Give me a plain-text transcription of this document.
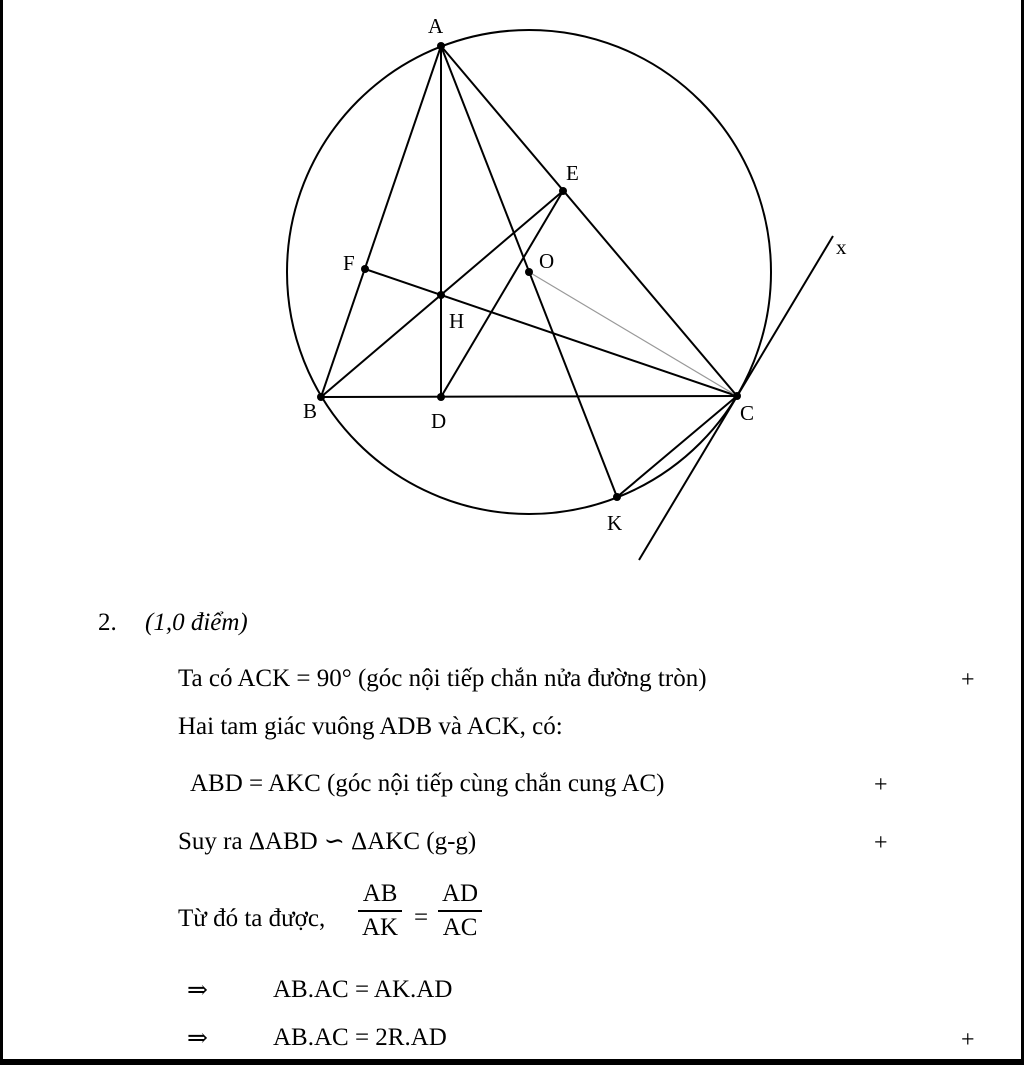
A
B	C
D
E
F
H
O
K
x
2. (1,0 điểm)
Ta có ACK = 90° (góc nội tiếp chắn nửa đường tròn)	+
Hai tam giác vuông ADB và ACK, có:
ABD = AKC (góc nội tiếp cùng chắn cung AC)	+
Suy ra ΔABD ∽ ΔAKC (g-g)	+
Từ đó ta được,
AB
AK =
AD
AC
⇒	AB.AC = AK.AD
⇒	AB.AC = 2R.AD	+
